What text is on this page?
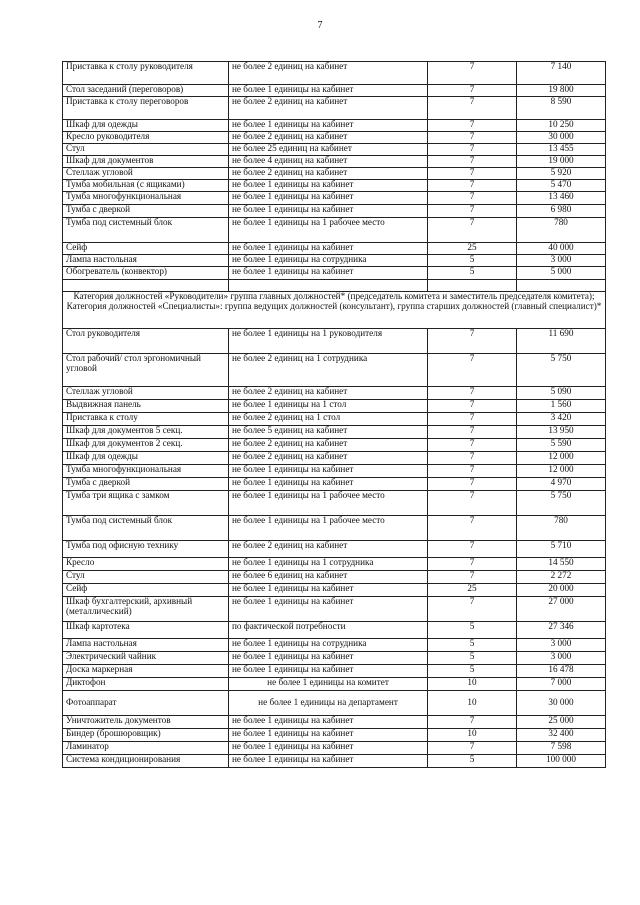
7
Приставка к столу руководителя	не более 2 единиц на кабинет	7	7 140
Стол заседаний (переговоров)	не более 1 единицы на кабинет	7	19 800
Приставка к столу переговоров	не более 2 единиц на кабинет	7	8 590
Шкаф для одежды	не более 1 единицы на кабинет	7	10 250
Кресло руководителя	не более 2 единиц на кабинет	7	30 000
Стул	не более 25 единиц на кабинет	7	13 455
Шкаф для документов	не более 4 единиц на кабинет	7	19 000
Стеллаж угловой	не более 2 единиц на кабинет	7	5 920
Тумба мобильная (с ящиками)	не более 1 единицы на кабинет	7	5 470
Тумба многофункциональная	не более 1 единицы на кабинет	7	13 460
Тумба с дверкой	не более 1 единицы на кабинет	7	6 980
Тумба под системный блок	не более 1 единицы на 1 рабочее место	7	780
Сейф	не более 1 единицы на кабинет	25	40 000
Лампа настольная	не более 1 единицы на сотрудника	5	3 000
Обогреватель (конвектор)	не более 1 единицы на кабинет	5	5 000

Категория должностей «Руководители» группа главных должностей* (председатель комитета и заместитель председателя комитета); Категория должностей «Специалисты»: группа ведущих должностей (консультант), группа старших должностей (главный специалист)*			
Стол руководителя	не более 1 единицы на 1 руководителя	7	11 690
Стол рабочий/ стол эргономичный угловой	не более 2 единиц на 1 сотрудника	7	5 750
Стеллаж угловой	не более 2 единиц на кабинет	7	5 090
Выдвижная панель	не более 1 единицы на 1 стол	7	1 560
Приставка к столу	не более 2 единиц на 1 стол	7	3 420
Шкаф для документов 5 секц.	не более 5 единиц на кабинет	7	13 950
Шкаф для документов 2 секц.	не более 2 единиц на кабинет	7	5 590
Шкаф для одежды	не более 2 единиц на кабинет	7	12 000
Тумба многофункциональная	не более 1 единицы на кабинет	7	12 000
Тумба с дверкой	не более 1 единицы на кабинет	7	4 970
Тумба три ящика с замком	не более 1 единицы на 1 рабочее место	7	5 750
Тумба под системный блок	не более 1 единицы на 1 рабочее место	7	780
Тумба под офисную технику	не более 2 единиц на кабинет	7	5 710
Кресло	не более 1 единицы на 1 сотрудника	7	14 550
Стул	не более 6 единиц на кабинет	7	2 272
Сейф	не более 1 единицы на кабинет	25	20 000
Шкаф бухгалтерский, архивный (металлический)	не более 1 единицы на кабинет	7	27 000
Шкаф картотека	по фактической потребности	5	27 346
Лампа настольная	не более 1 единицы на сотрудника	5	3 000
Электрический чайник	не более 1 единицы на кабинет	5	3 000
Доска маркерная	не более 1 единицы на кабинет	5	16 478
Диктофон	не более 1 единицы на комитет	10	7 000
Фотоаппарат	не более 1 единицы на департамент	10	30 000
Уничтожитель документов	не более 1 единицы на кабинет	7	25 000
Биндер (брошюровщик)	не более 1 единицы на кабинет	10	32 400
Ламинатор	не более 1 единицы на кабинет	7	7 598
Система кондиционирования	не более 1 единицы на кабинет	5	100 000
